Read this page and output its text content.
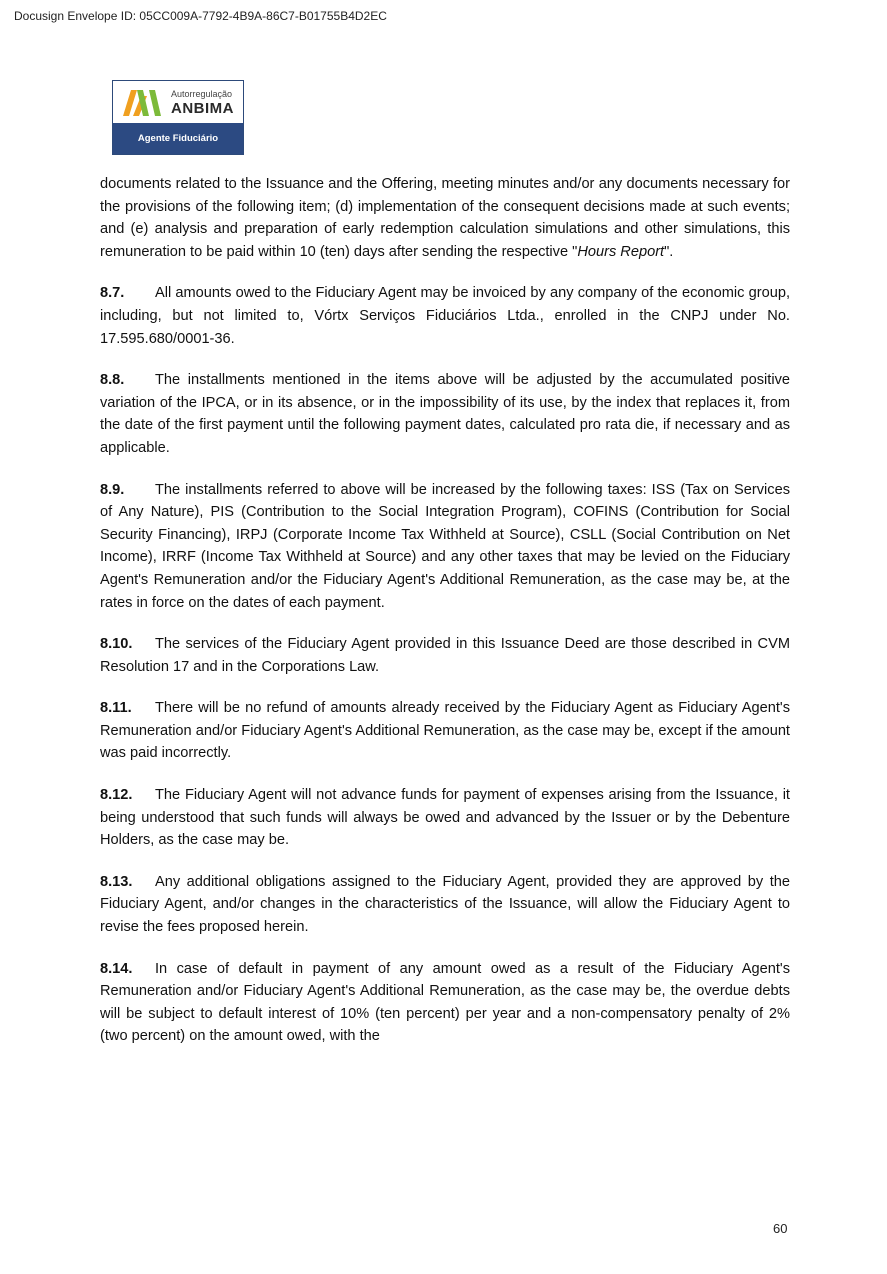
Docusign Envelope ID: 05CC009A-7792-4B9A-86C7-B01755B4D2EC
Autorregulação
ANBIMA
Agente Fiduciário

documents related to the Issuance and the Offering, meeting minutes and/or any documents necessary for the provisions of the following item; (d) implementation of the consequent decisions made at such events; and (e) analysis and preparation of early redemption calculation simulations and other simulations, this remuneration to be paid within 10 (ten) days after sending the respective "Hours Report".

8.7. All amounts owed to the Fiduciary Agent may be invoiced by any company of the economic group, including, but not limited to, Vórtx Serviços Fiduciários Ltda., enrolled in the CNPJ under No. 17.595.680/0001-36.

8.8. The installments mentioned in the items above will be adjusted by the accumulated positive variation of the IPCA, or in its absence, or in the impossibility of its use, by the index that replaces it, from the date of the first payment until the following payment dates, calculated pro rata die, if necessary and as applicable.

8.9. The installments referred to above will be increased by the following taxes: ISS (Tax on Services of Any Nature), PIS (Contribution to the Social Integration Program), COFINS (Contribution for Social Security Financing), IRPJ (Corporate Income Tax Withheld at Source), CSLL (Social Contribution on Net Income), IRRF (Income Tax Withheld at Source) and any other taxes that may be levied on the Fiduciary Agent's Remuneration and/or the Fiduciary Agent's Additional Remuneration, as the case may be, at the rates in force on the dates of each payment.

8.10. The services of the Fiduciary Agent provided in this Issuance Deed are those described in CVM Resolution 17 and in the Corporations Law.

8.11. There will be no refund of amounts already received by the Fiduciary Agent as Fiduciary Agent's Remuneration and/or Fiduciary Agent's Additional Remuneration, as the case may be, except if the amount was paid incorrectly.

8.12. The Fiduciary Agent will not advance funds for payment of expenses arising from the Issuance, it being understood that such funds will always be owed and advanced by the Issuer or by the Debenture Holders, as the case may be.

8.13. Any additional obligations assigned to the Fiduciary Agent, provided they are approved by the Fiduciary Agent, and/or changes in the characteristics of the Issuance, will allow the Fiduciary Agent to revise the fees proposed herein.

8.14. In case of default in payment of any amount owed as a result of the Fiduciary Agent's Remuneration and/or Fiduciary Agent's Additional Remuneration, as the case may be, the overdue debts will be subject to default interest of 10% (ten percent) per year and a non-compensatory penalty of 2% (two percent) on the amount owed, with the

60
